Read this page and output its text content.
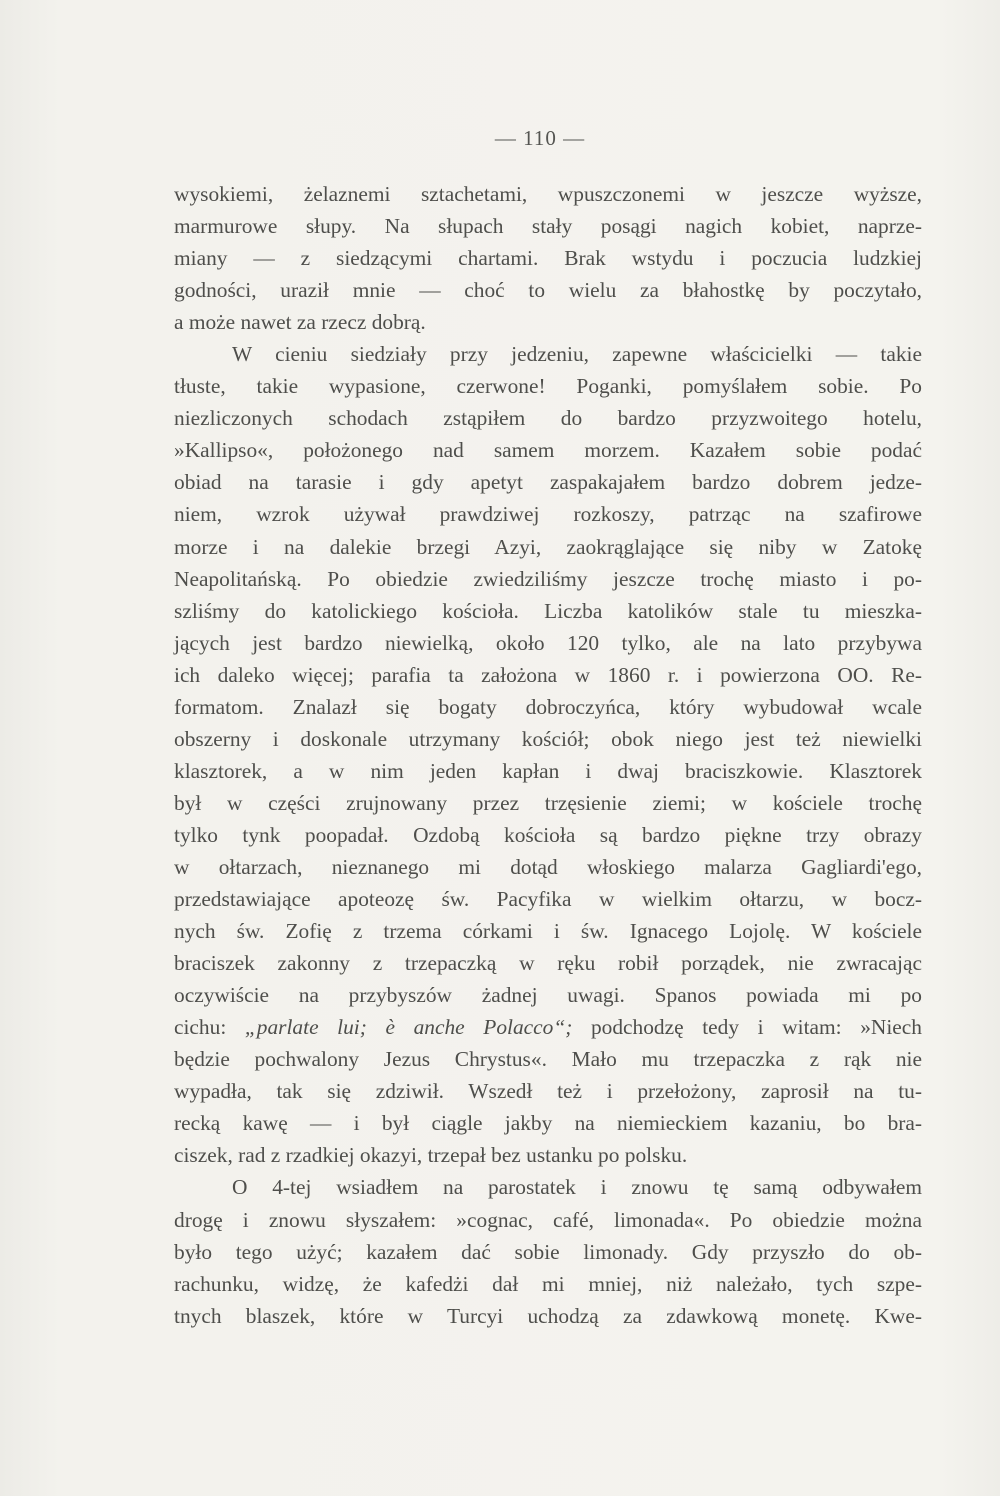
— 110 —
wysokiemi, żelaznemi sztachetami, wpuszczonemi w jeszcze wyższe,
marmurowe słupy. Na słupach stały posągi nagich kobiet, naprze-
miany — z siedzącymi chartami. Brak wstydu i poczucia ludzkiej
godności, uraził mnie — choć to wielu za błahostkę by poczytało,
a może nawet za rzecz dobrą.
W cieniu siedziały przy jedzeniu, zapewne właścicielki — takie
tłuste, takie wypasione, czerwone! Poganki, pomyślałem sobie. Po
niezliczonych schodach zstąpiłem do bardzo przyzwoitego hotelu,
»Kallipso«, położonego nad samem morzem. Kazałem sobie podać
obiad na tarasie i gdy apetyt zaspakajałem bardzo dobrem jedze-
niem, wzrok używał prawdziwej rozkoszy, patrząc na szafirowe
morze i na dalekie brzegi Azyi, zaokrąglające się niby w Zatokę
Neapolitańską. Po obiedzie zwiedziliśmy jeszcze trochę miasto i po-
szliśmy do katolickiego kościoła. Liczba katolików stale tu mieszka-
jących jest bardzo niewielką, około 120 tylko, ale na lato przybywa
ich daleko więcej; parafia ta założona w 1860 r. i powierzona OO. Re-
formatom. Znalazł się bogaty dobroczyńca, który wybudował wcale
obszerny i doskonale utrzymany kościół; obok niego jest też niewielki
klasztorek, a w nim jeden kapłan i dwaj braciszkowie. Klasztorek
był w części zrujnowany przez trzęsienie ziemi; w kościele trochę
tylko tynk poopadał. Ozdobą kościoła są bardzo piękne trzy obrazy
w ołtarzach, nieznanego mi dotąd włoskiego malarza Gagliardi'ego,
przedstawiające apoteozę św. Pacyfika w wielkim ołtarzu, w bocz-
nych św. Zofię z trzema córkami i św. Ignacego Lojolę. W kościele
braciszek zakonny z trzepaczką w ręku robił porządek, nie zwracając
oczywiście na przybyszów żadnej uwagi. Spanos powiada mi po
cichu: „parlate lui; è anche Polacco“; podchodzę tedy i witam: »Niech
będzie pochwalony Jezus Chrystus«. Mało mu trzepaczka z rąk nie
wypadła, tak się zdziwił. Wszedł też i przełożony, zaprosił na tu-
recką kawę — i był ciągle jakby na niemieckiem kazaniu, bo bra-
ciszek, rad z rzadkiej okazyi, trzepał bez ustanku po polsku.
O 4-tej wsiadłem na parostatek i znowu tę samą odbywałem
drogę i znowu słyszałem: »cognac, café, limonada«. Po obiedzie można
było tego użyć; kazałem dać sobie limonady. Gdy przyszło do ob-
rachunku, widzę, że kafedżi dał mi mniej, niż należało, tych szpe-
tnych blaszek, które w Turcyi uchodzą za zdawkową monetę. Kwe-
